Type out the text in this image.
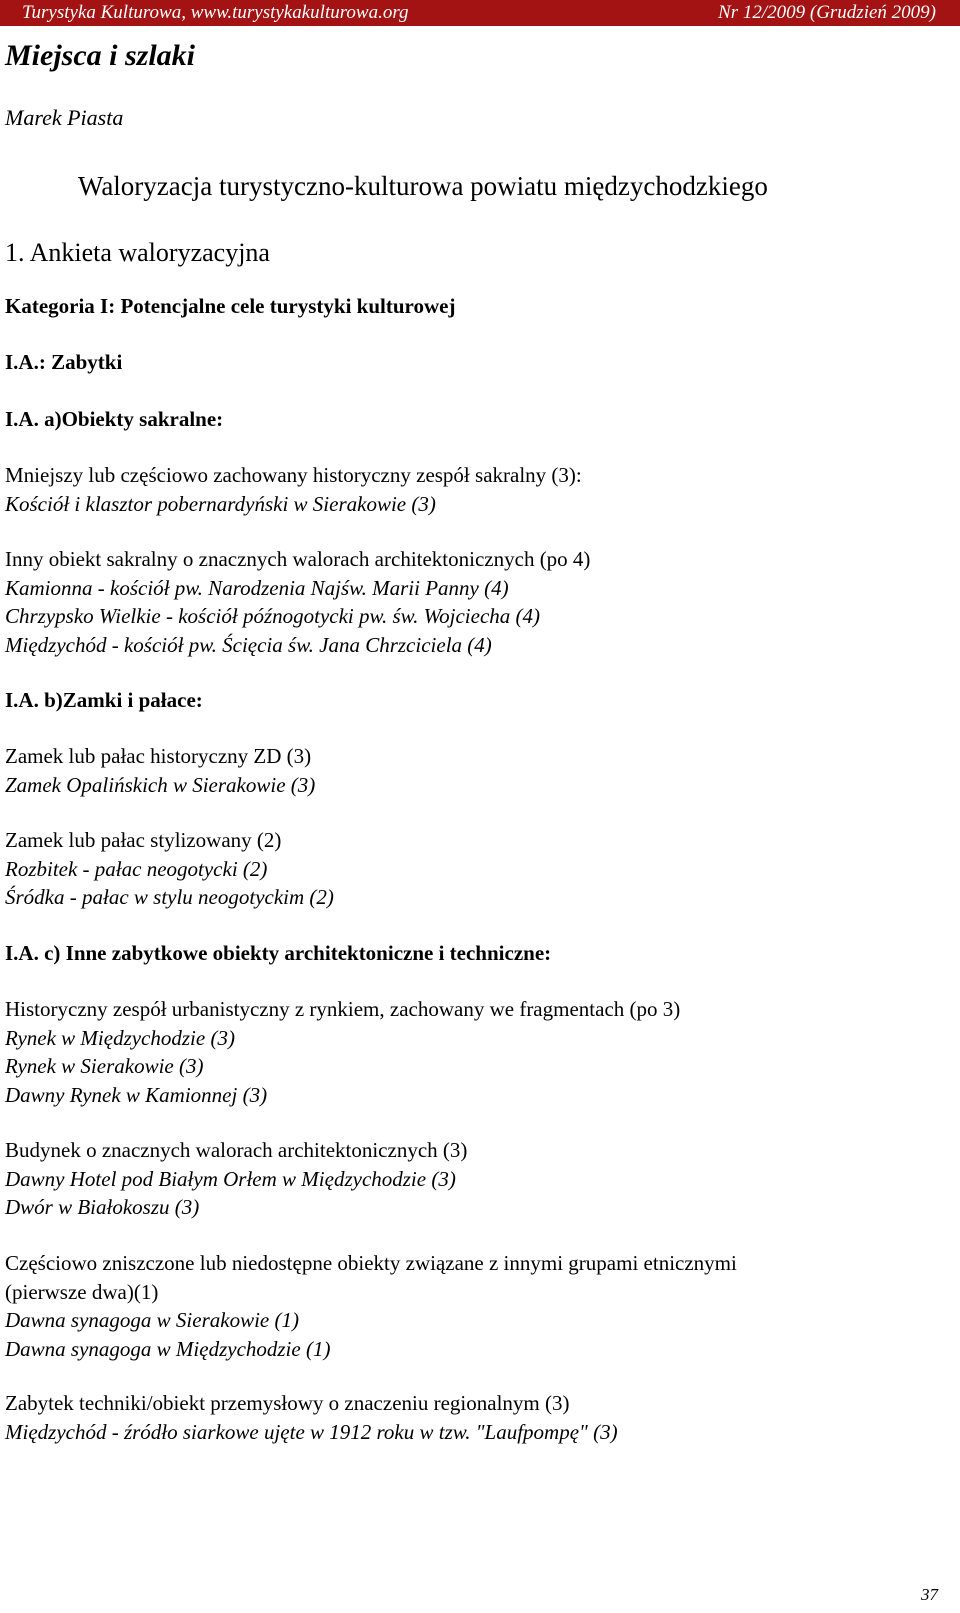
Turystyka Kulturowa, www.turystykakulturowa.org	Nr 12/2009 (Grudzień 2009)
Miejsca i szlaki
Marek Piasta
Waloryzacja turystyczno-kulturowa powiatu międzychodzkiego
1. Ankieta waloryzacyjna
Kategoria I: Potencjalne cele turystyki kulturowej
I.A.: Zabytki
I.A. a)Obiekty sakralne:
Mniejszy lub częściowo zachowany historyczny zespół sakralny (3):
Kościół i klasztor pobernardyński w Sierakowie (3)
Inny obiekt sakralny o znacznych walorach architektonicznych (po 4)
Kamionna - kościół pw. Narodzenia Najśw. Marii Panny (4)
Chrzypsko Wielkie - kościół późnogotycki pw. św. Wojciecha (4)
Międzychód - kościół pw. Ścięcia św. Jana Chrzciciela (4)
I.A. b)Zamki i pałace:
Zamek lub pałac historyczny ZD (3)
Zamek Opalińskich w Sierakowie (3)
Zamek lub pałac stylizowany (2)
Rozbitek - pałac neogotycki (2)
Śródka - pałac w stylu neogotyckim (2)
I.A. c) Inne zabytkowe obiekty architektoniczne i techniczne:
Historyczny zespół urbanistyczny z rynkiem, zachowany we fragmentach (po 3)
Rynek w Międzychodzie (3)
Rynek w Sierakowie (3)
Dawny Rynek w Kamionnej (3)
Budynek o znacznych walorach architektonicznych (3)
Dawny Hotel pod Białym Orłem w Międzychodzie (3)
Dwór w Białokoszu (3)
Częściowo zniszczone lub niedostępne obiekty związane z innymi grupami etnicznymi
(pierwsze dwa)(1)
Dawna synagoga w Sierakowie (1)
Dawna synagoga w Międzychodzie (1)
Zabytek techniki/obiekt przemysłowy o znaczeniu regionalnym (3)
Międzychód - źródło siarkowe ujęte w 1912 roku w tzw. "Laufpompę" (3)
37
